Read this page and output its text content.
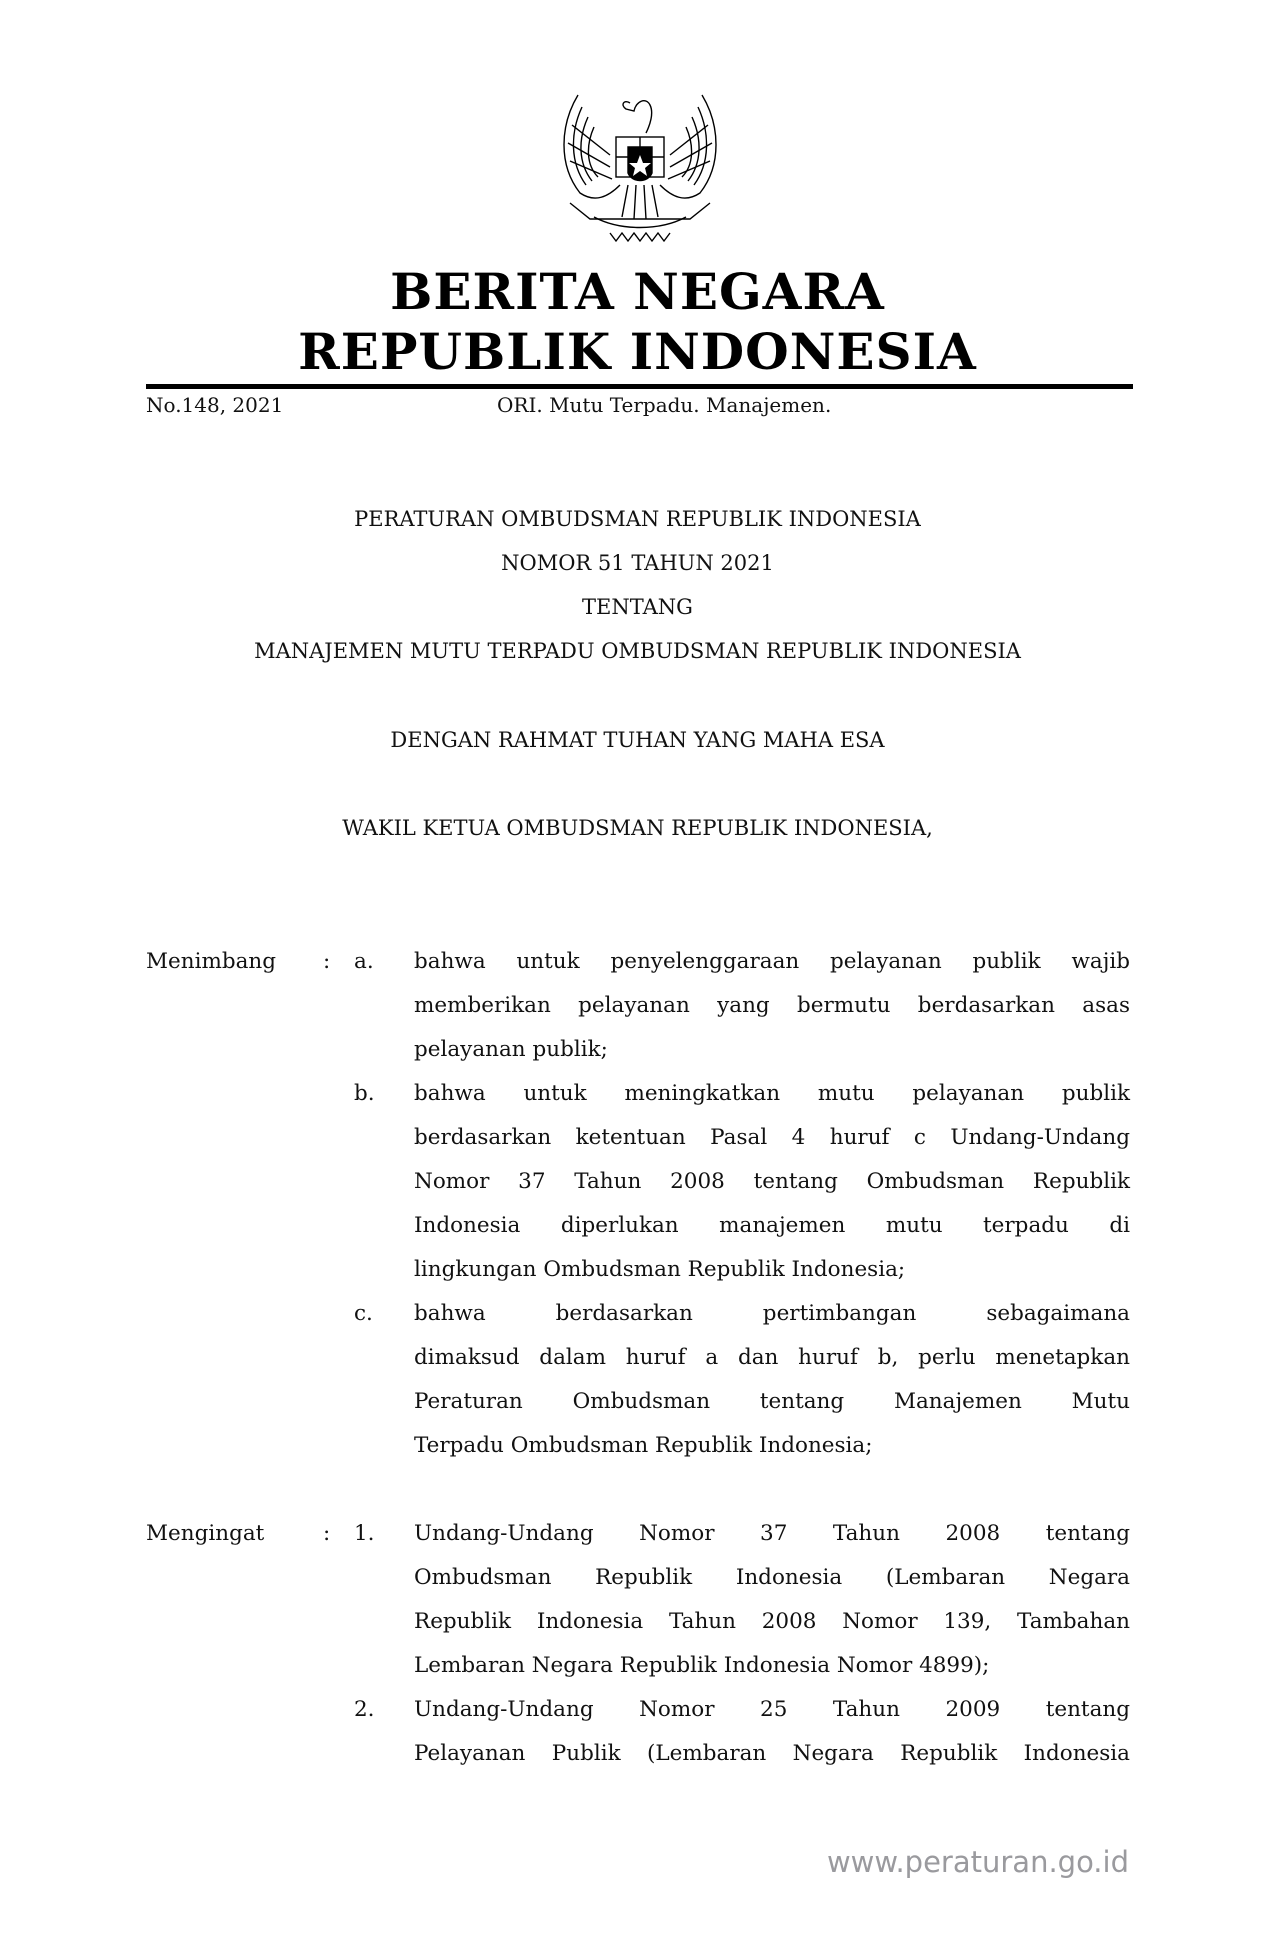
BERITA NEGARA
REPUBLIK INDONESIA
No.148, 2021	ORI. Mutu Terpadu. Manajemen.
PERATURAN OMBUDSMAN REPUBLIK INDONESIA
NOMOR 51 TAHUN 2021
TENTANG
MANAJEMEN MUTU TERPADU OMBUDSMAN REPUBLIK INDONESIA
DENGAN RAHMAT TUHAN YANG MAHA ESA
WAKIL KETUA OMBUDSMAN REPUBLIK INDONESIA,
Menimbang : a. bahwa untuk penyelenggaraan pelayanan publik wajib
memberikan pelayanan yang bermutu berdasarkan asas
pelayanan publik;
b. bahwa untuk meningkatkan mutu pelayanan publik
berdasarkan ketentuan Pasal 4 huruf c Undang-Undang
Nomor 37 Tahun 2008 tentang Ombudsman Republik
Indonesia diperlukan manajemen mutu terpadu di
lingkungan Ombudsman Republik Indonesia;
c. bahwa berdasarkan pertimbangan sebagaimana
dimaksud dalam huruf a dan huruf b, perlu menetapkan
Peraturan Ombudsman tentang Manajemen Mutu
Terpadu Ombudsman Republik Indonesia;
Mengingat	: 1. Undang-Undang Nomor 37 Tahun 2008 tentang
Ombudsman Republik Indonesia (Lembaran Negara
Republik Indonesia Tahun 2008 Nomor 139, Tambahan
Lembaran Negara Republik Indonesia Nomor 4899);
2. Undang-Undang Nomor 25 Tahun 2009 tentang
Pelayanan Publik (Lembaran Negara Republik Indonesia
www.peraturan.go.id
